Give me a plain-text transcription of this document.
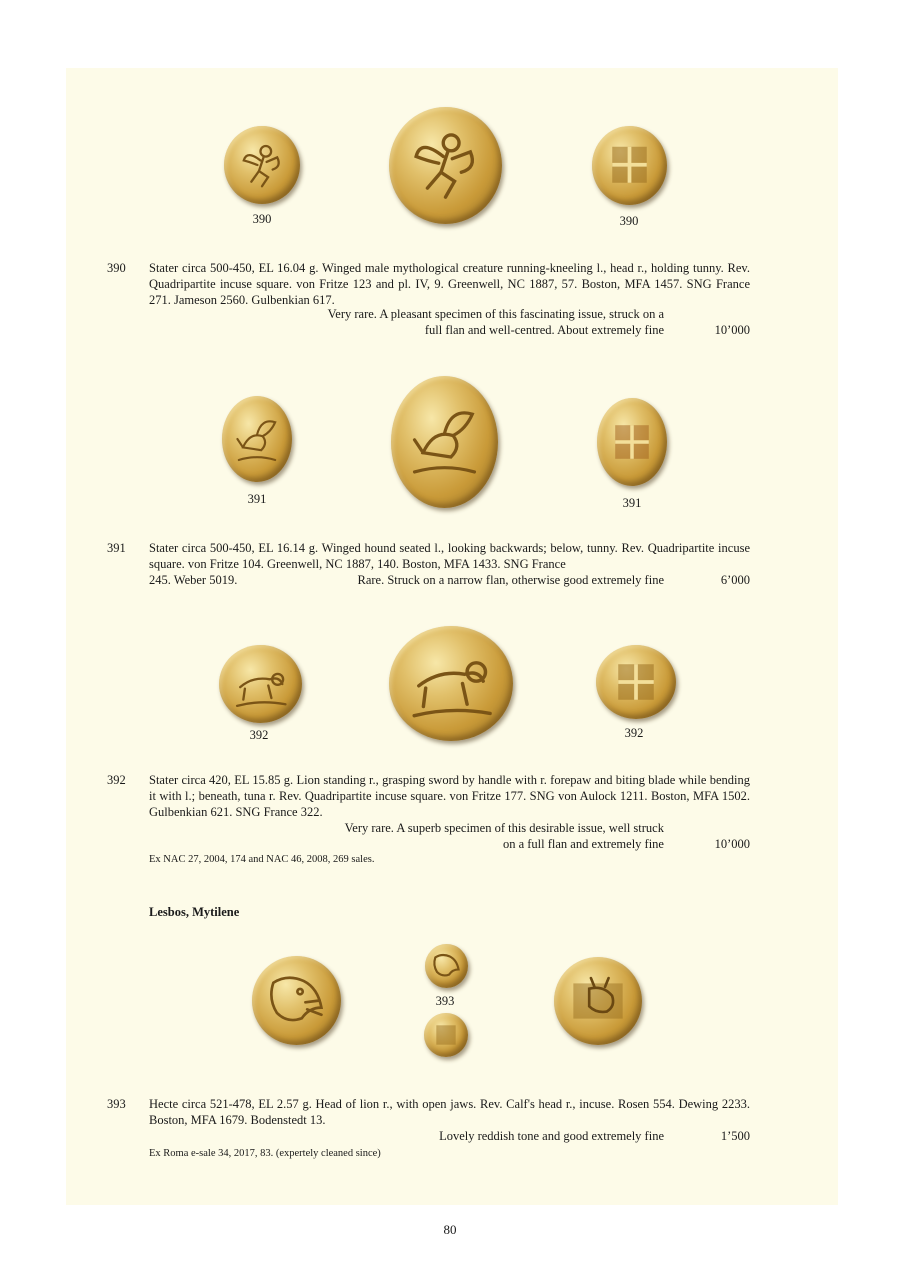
390	390
390 Stater circa 500-450, EL 16.04 g. Winged male mythological creature running-kneeling l., head r., holding tunny. Rev. Quadripartite incuse square. von Fritze 123 and pl. IV, 9. Greenwell, NC 1887, 57. Boston, MFA 1457. SNG France 271. Jameson 2560. Gulbenkian 617.
Very rare. A pleasant specimen of this fascinating issue, struck on a
full flan and well-centred. About extremely fine	10’000
391	391
391 Stater circa 500-450, EL 16.14 g. Winged hound seated l., looking backwards; below, tunny. Rev. Quadripartite incuse square. von Fritze 104. Greenwell, NC 1887, 140. Boston, MFA 1433. SNG France
245. Weber 5019.	Rare. Struck on a narrow flan, otherwise good extremely fine	6’000
392	392
392 Stater circa 420, EL 15.85 g. Lion standing r., grasping sword by handle with r. forepaw and biting blade while bending it with l.; beneath, tuna r. Rev. Quadripartite incuse square. von Fritze 177. SNG von Aulock 1211. Boston, MFA 1502. Gulbenkian 621. SNG France 322.
Very rare. A superb specimen of this desirable issue, well struck
on a full flan and extremely fine	10’000
Ex NAC 27, 2004, 174 and NAC 46, 2008, 269 sales.
Lesbos, Mytilene
393
393 Hecte circa 521-478, EL 2.57 g. Head of lion r., with open jaws. Rev. Calf's head r., incuse. Rosen 554. Dewing 2233. Boston, MFA 1679. Bodenstedt 13.
Lovely reddish tone and good extremely fine	1’500
Ex Roma e-sale 34, 2017, 83. (expertely cleaned since)
80
